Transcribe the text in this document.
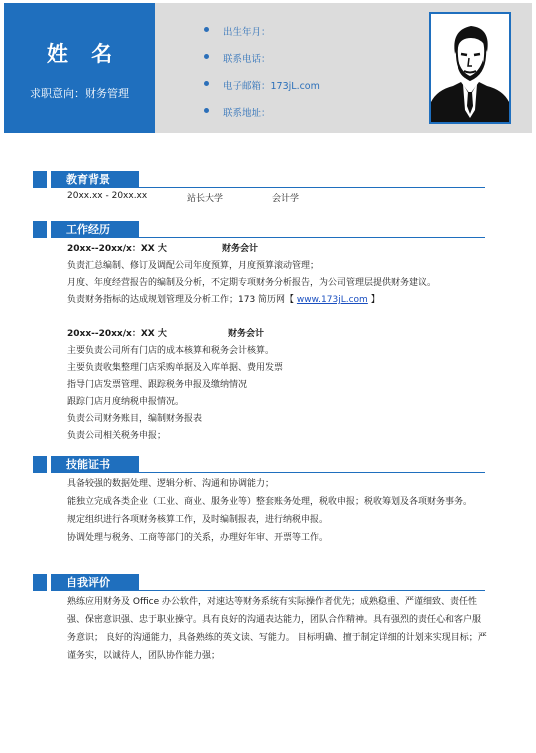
姓 名
求职意向：财务管理
出生年月：
联系电话：
电子邮箱：173jL.com
联系地址：
教育背景
20xx.xx - 20xx.xx	站长大学	会计学
工作经历
20xx--20xx/x：XX 大	财务会计
负责汇总编制、修订及调配公司年度预算，月度预算滚动管理；
月度、年度经营报告的编制及分析，不定期专项财务分析报告，为公司管理层提供财务建议。
负责财务指标的达成规划管理及分析工作；173 简历网【 www.173jL.com 】
20xx--20xx/x：XX 大	财务会计
主要负责公司所有门店的成本核算和税务会计核算。
主要负责收集整理门店采购单据及入库单据、费用发票
指导门店发票管理、跟踪税务申报及缴纳情况
跟踪门店月度纳税申报情况。
负责公司财务账目，编制财务报表
负责公司相关税务申报；
技能证书
具备较强的数据处理、逻辑分析、沟通和协调能力；
能独立完成各类企业（工业、商业、服务业等）整套账务处理，税收申报；税收筹划及各项财务事务。
规定组织进行各项财务核算工作，及时编制报表，进行纳税申报。
协调处理与税务、工商等部门的关系，办理好年审、开票等工作。
自我评价
熟练应用财务及 Office 办公软件，对速达等财务系统有实际操作者优先；成熟稳重、严谨细致、责任性强、保密意识强、忠于职业操守。具有良好的沟通表达能力，团队合作精神。具有强烈的责任心和客户服务意识； 良好的沟通能力，具备熟练的英文读、写能力。 目标明确、擅于制定详细的计划来实现目标；严谨务实，以诚待人，团队协作能力强；
